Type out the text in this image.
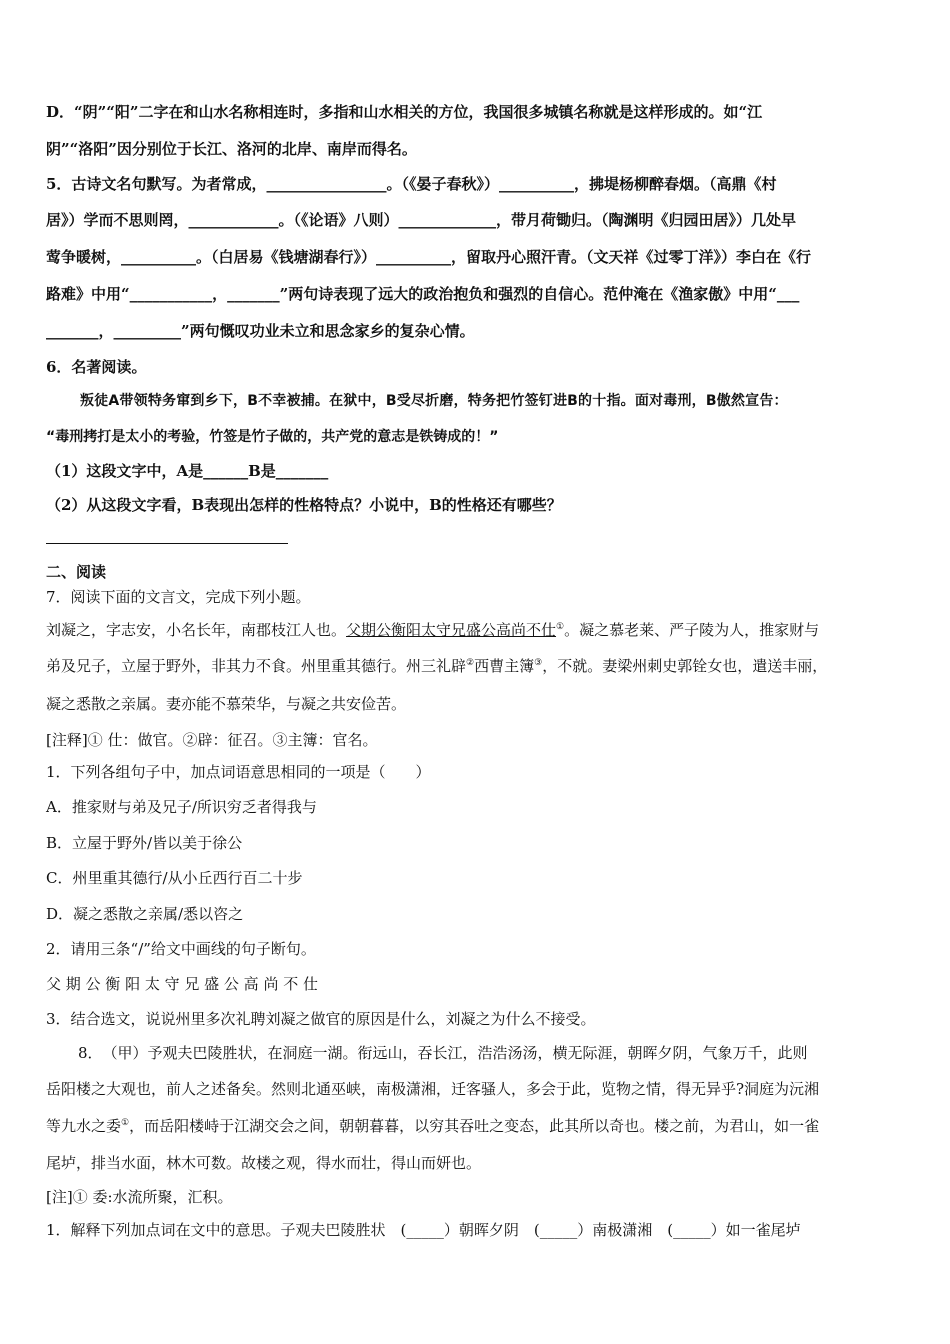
D．“阴”“阳”二字在和山水名称相连时，多指和山水相关的方位，我国很多城镇名称就是这样形成的。如“江
阴”“洛阳”因分别位于长江、洛河的北岸、南岸而得名。
5．古诗文名句默写。为者常成，________________。（《晏子春秋》）__________，拂堤杨柳醉春烟。（高鼎《村
居》）学而不思则罔，____________。（《论语》八则）_____________，带月荷锄归。（陶渊明《归园田居》）几处早
莺争暖树，__________。（白居易《钱塘湖春行》）__________，留取丹心照汗青。（文天祥《过零丁洋》）李白在《行
路难》中用“___________，_______”两句诗表现了远大的政治抱负和强烈的自信心。范仲淹在《渔家傲》中用“___
_______，_________”两句慨叹功业未立和思念家乡的复杂心情。
6．名著阅读。
叛徒A带领特务窜到乡下，B不幸被捕。在狱中，B受尽折磨，特务把竹签钉进B的十指。面对毒刑，B傲然宣告：
“毒刑拷打是太小的考验，竹签是竹子做的，共产党的意志是铁铸成的！”
（1）这段文字中，A是______B是_______
（2）从这段文字看，B表现出怎样的性格特点？小说中，B的性格还有哪些？
二、阅读
7．阅读下面的文言文，完成下列小题。
刘凝之，字志安，小名长年，南郡枝江人也。父期公衡阳太守兄盛公高尚不仕①。凝之慕老莱、严子陵为人，推家财与
弟及兄子，立屋于野外，非其力不食。州里重其德行。州三礼辟②西曹主簿③，不就。妻梁州刺史郭铨女也，遣送丰丽，
凝之悉散之亲属。妻亦能不慕荣华，与凝之共安俭苦。
[注释]① 仕：做官。②辟：征召。③主簿：官名。
1．下列各组句子中，加点词语意思相同的一项是（　　）
A．推家财与弟及兄子/所识穷乏者得我与
B．立屋于野外/皆以美于徐公
C．州里重其德行/从小丘西行百二十步
D．凝之悉散之亲属/悉以咨之
2．请用三条“/”给文中画线的句子断句。
父 期 公 衡 阳 太 守 兄 盛 公 高 尚 不 仕
3．结合选文，说说州里多次礼聘刘凝之做官的原因是什么，刘凝之为什么不接受。
8．　（甲）予观夫巴陵胜状，在洞庭一湖。衔远山，吞长江，浩浩汤汤，横无际涯，朝晖夕阴，气象万千，此则
岳阳楼之大观也，前人之述备矣。然则北通巫峡，南极潇湘，迁客骚人，多会于此，览物之情，得无异乎?洞庭为沅湘
等九水之委①，而岳阳楼峙于江湖交会之间，朝朝暮暮，以穷其吞吐之变态，此其所以奇也。楼之前，为君山，如一雀
尾垆，排当水面，林木可数。故楼之观，得水而壮，得山而妍也。
[注]① 委:水流所聚，汇积。
1．解释下列加点词在文中的意思。子观夫巴陵胜状　(_____）朝晖夕阴　(_____）南极潇湘　(_____）如一雀尾垆
